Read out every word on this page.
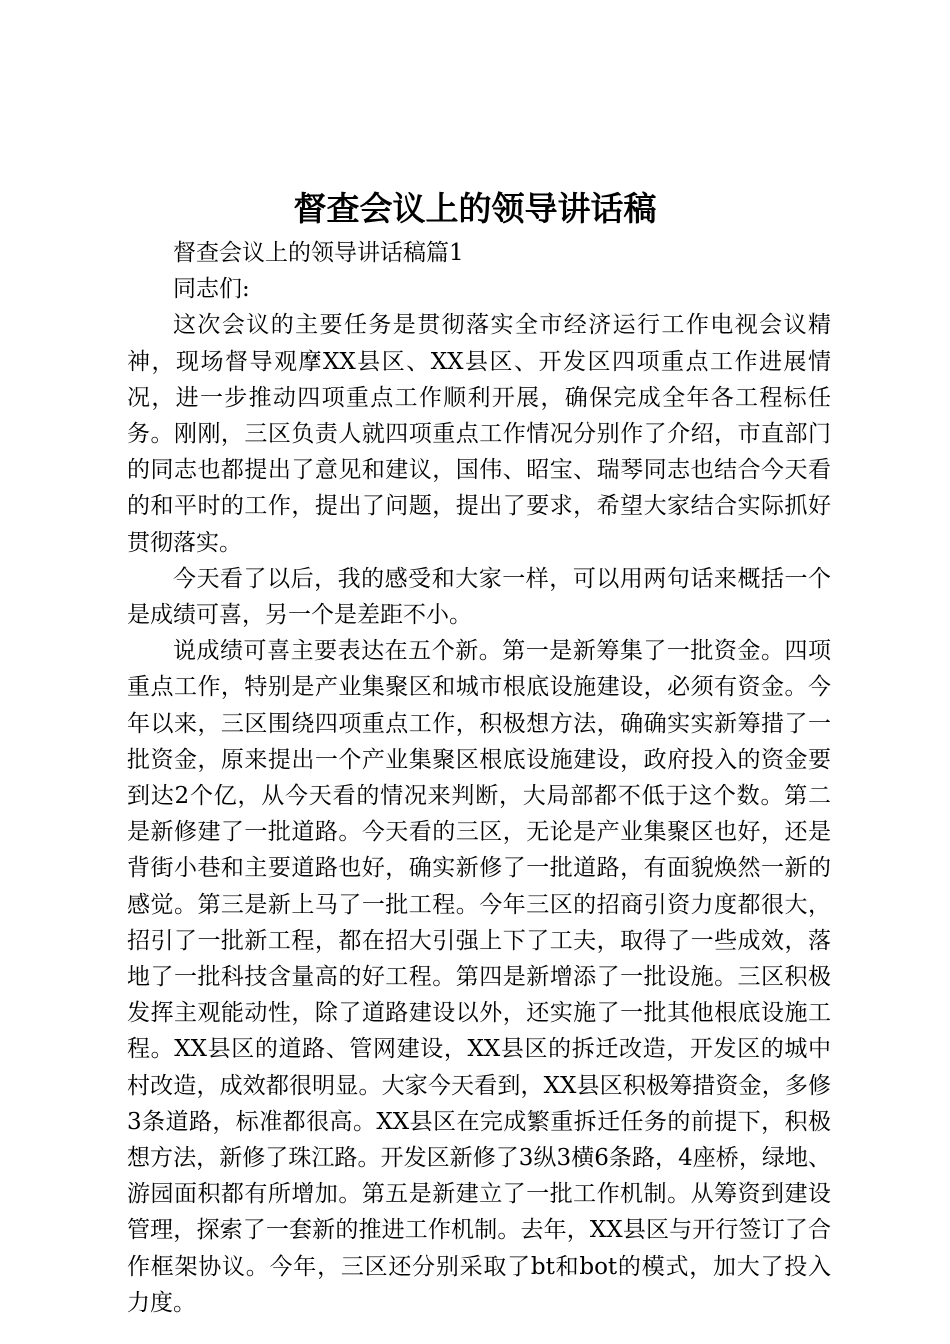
督查会议上的领导讲话稿

督查会议上的领导讲话稿篇1

同志们:

这次会议的主要任务是贯彻落实全市经济运行工作电视会议精神，现场督导观摩XX县区、XX县区、开发区四项重点工作进展情况，进一步推动四项重点工作顺利开展，确保完成全年各工程标任务。刚刚，三区负责人就四项重点工作情况分别作了介绍，市直部门的同志也都提出了意见和建议，国伟、昭宝、瑞琴同志也结合今天看的和平时的工作，提出了问题，提出了要求，希望大家结合实际抓好贯彻落实。

今天看了以后，我的感受和大家一样，可以用两句话来概括一个是成绩可喜，另一个是差距不小。

说成绩可喜主要表达在五个新。第一是新筹集了一批资金。四项重点工作，特别是产业集聚区和城市根底设施建设，必须有资金。今年以来，三区围绕四项重点工作，积极想方法，确确实实新筹措了一批资金，原来提出一个产业集聚区根底设施建设，政府投入的资金要到达2个亿，从今天看的情况来判断，大局部都不低于这个数。第二是新修建了一批道路。今天看的三区，无论是产业集聚区也好，还是背街小巷和主要道路也好，确实新修了一批道路，有面貌焕然一新的感觉。第三是新上马了一批工程。今年三区的招商引资力度都很大，招引了一批新工程，都在招大引强上下了工夫，取得了一些成效，落地了一批科技含量高的好工程。第四是新增添了一批设施。三区积极发挥主观能动性，除了道路建设以外，还实施了一批其他根底设施工程。XX县区的道路、管网建设，XX县区的拆迁改造，开发区的城中村改造，成效都很明显。大家今天看到，XX县区积极筹措资金，多修3条道路，标准都很高。XX县区在完成繁重拆迁任务的前提下，积极想方法，新修了珠江路。开发区新修了3纵3横6条路，4座桥，绿地、游园面积都有所增加。第五是新建立了一批工作机制。从筹资到建设管理，探索了一套新的推进工作机制。去年，XX县区与开行签订了合作框架协议。今年，三区还分别采取了bt和bot的模式，加大了投入力度。
